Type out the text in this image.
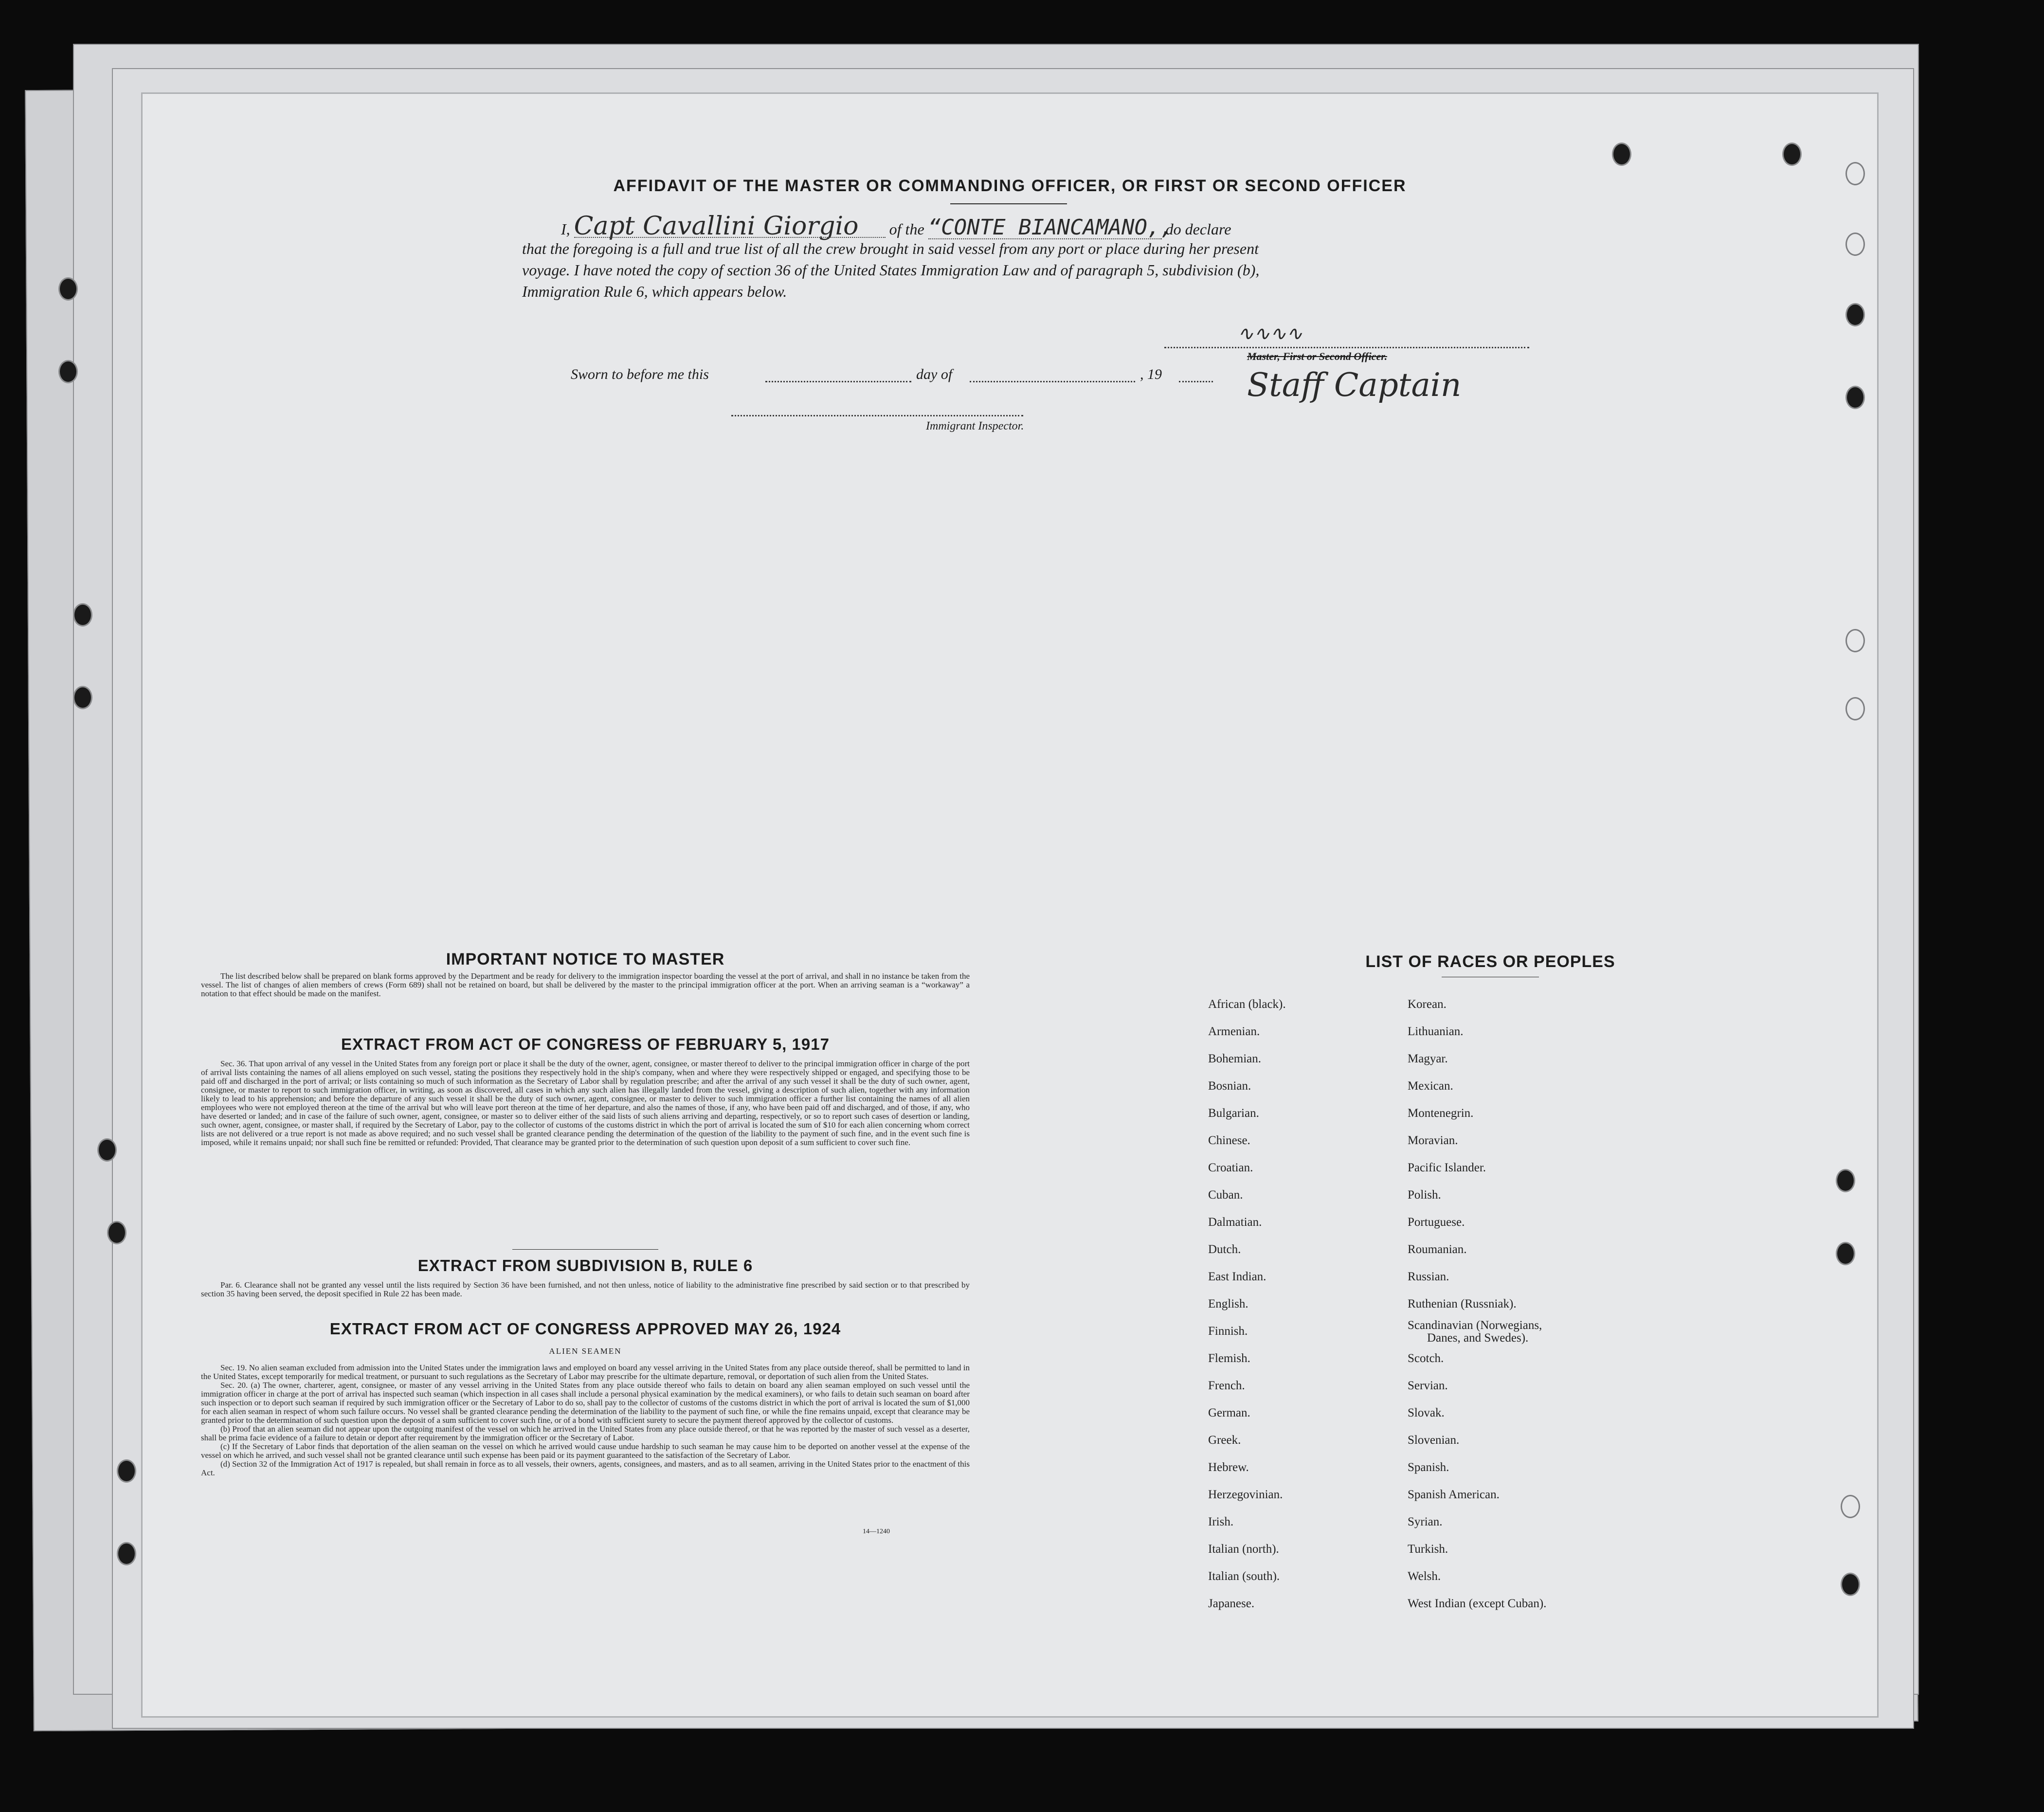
AFFIDAVIT OF THE MASTER OR COMMANDING OFFICER, OR FIRST OR SECOND OFFICER
I, Capt Cavallini Giorgio of the “CONTE BIANCAMANO,, do declare
that the foregoing is a full and true list of all the crew brought in said vessel from any port or place during her present
voyage. I have noted the copy of section 36 of the United States Immigration Law and of paragraph 5, subdivision (b),
Immigration Rule 6, which appears below.
∿∿∿∿
Master, First or Second Officer.
Staff Captain
Sworn to before me this	day of	, 19
Immigrant Inspector.
IMPORTANT NOTICE TO MASTER

The list described below shall be prepared on blank forms approved by the Department and be ready for delivery to the immigration inspector boarding the vessel at the port of arrival, and shall in no instance be taken from the vessel. The list of changes of alien members of crews (Form 689) shall not be retained on board, but shall be delivered by the master to the principal immigration officer at the port. When an arriving seaman is a “workaway” a notation to that effect should be made on the manifest.

EXTRACT FROM ACT OF CONGRESS OF FEBRUARY 5, 1917

Sec. 36. That upon arrival of any vessel in the United States from any foreign port or place it shall be the duty of the owner, agent, consignee, or master thereof to deliver to the principal immigration officer in charge of the port of arrival lists containing the names of all aliens employed on such vessel, stating the positions they respectively hold in the ship's company, when and where they were respectively shipped or engaged, and specifying those to be paid off and discharged in the port of arrival; or lists containing so much of such information as the Secretary of Labor shall by regulation prescribe; and after the arrival of any such vessel it shall be the duty of such owner, agent, consignee, or master to report to such immigration officer, in writing, as soon as discovered, all cases in which any such alien has illegally landed from the vessel, giving a description of such alien, together with any information likely to lead to his apprehension; and before the departure of any such vessel it shall be the duty of such owner, agent, consignee, or master to deliver to such immigration officer a further list containing the names of all alien employees who were not employed thereon at the time of the arrival but who will leave port thereon at the time of her departure, and also the names of those, if any, who have been paid off and discharged, and of those, if any, who have deserted or landed; and in case of the failure of such owner, agent, consignee, or master so to deliver either of the said lists of such aliens arriving and departing, respectively, or so to report such cases of desertion or landing, such owner, agent, consignee, or master shall, if required by the Secretary of Labor, pay to the collector of customs of the customs district in which the port of arrival is located the sum of $10 for each alien concerning whom correct lists are not delivered or a true report is not made as above required; and no such vessel shall be granted clearance pending the determination of the question of the liability to the payment of such fine, and in the event such fine is imposed, while it remains unpaid; nor shall such fine be remitted or refunded: Provided, That clearance may be granted prior to the determination of such question upon deposit of a sum sufficient to cover such fine.

EXTRACT FROM SUBDIVISION B, RULE 6

Par. 6. Clearance shall not be granted any vessel until the lists required by Section 36 have been furnished, and not then unless, notice of liability to the administrative fine prescribed by said section or to that prescribed by section 35 having been served, the deposit specified in Rule 22 has been made.

EXTRACT FROM ACT OF CONGRESS APPROVED MAY 26, 1924
ALIEN SEAMEN

Sec. 19. No alien seaman excluded from admission into the United States under the immigration laws and employed on board any vessel arriving in the United States from any place outside thereof, shall be permitted to land in the United States, except temporarily for medical treatment, or pursuant to such regulations as the Secretary of Labor may prescribe for the ultimate departure, removal, or deportation of such alien from the United States.

Sec. 20. (a) The owner, charterer, agent, consignee, or master of any vessel arriving in the United States from any place outside thereof who fails to detain on board any alien seaman employed on such vessel until the immigration officer in charge at the port of arrival has inspected such seaman (which inspection in all cases shall include a personal physical examination by the medical examiners), or who fails to detain such seaman on board after such inspection or to deport such seaman if required by such immigration officer or the Secretary of Labor to do so, shall pay to the collector of customs of the customs district in which the port of arrival is located the sum of $1,000 for each alien seaman in respect of whom such failure occurs. No vessel shall be granted clearance pending the determination of the liability to the payment of such fine, or while the fine remains unpaid, except that clearance may be granted prior to the determination of such question upon the deposit of a sum sufficient to cover such fine, or of a bond with sufficient surety to secure the payment thereof approved by the collector of customs.

(b) Proof that an alien seaman did not appear upon the outgoing manifest of the vessel on which he arrived in the United States from any place outside thereof, or that he was reported by the master of such vessel as a deserter, shall be prima facie evidence of a failure to detain or deport after requirement by the immigration officer or the Secretary of Labor.

(c) If the Secretary of Labor finds that deportation of the alien seaman on the vessel on which he arrived would cause undue hardship to such seaman he may cause him to be deported on another vessel at the expense of the vessel on which he arrived, and such vessel shall not be granted clearance until such expense has been paid or its payment guaranteed to the satisfaction of the Secretary of Labor.

(d) Section 32 of the Immigration Act of 1917 is repealed, but shall remain in force as to all vessels, their owners, agents, consignees, and masters, and as to all seamen, arriving in the United States prior to the enactment of this Act.

14—1240
LIST OF RACES OR PEOPLES
African (black).
Armenian.
Bohemian.
Bosnian.
Bulgarian.
Chinese.
Croatian.
Cuban.
Dalmatian.
Dutch.
East Indian.
English.
Finnish.
Flemish.
French.
German.
Greek.
Hebrew.
Herzegovinian.
Irish.
Italian (north).
Italian (south).
Japanese.
Korean.
Lithuanian.
Magyar.
Mexican.
Montenegrin.
Moravian.
Pacific Islander.
Polish.
Portuguese.
Roumanian.
Russian.
Ruthenian (Russniak).
Scandinavian (Norwegians,
Danes, and Swedes).
Scotch.
Servian.
Slovak.
Slovenian.
Spanish.
Spanish American.
Syrian.
Turkish.
Welsh.
West Indian (except Cuban).
